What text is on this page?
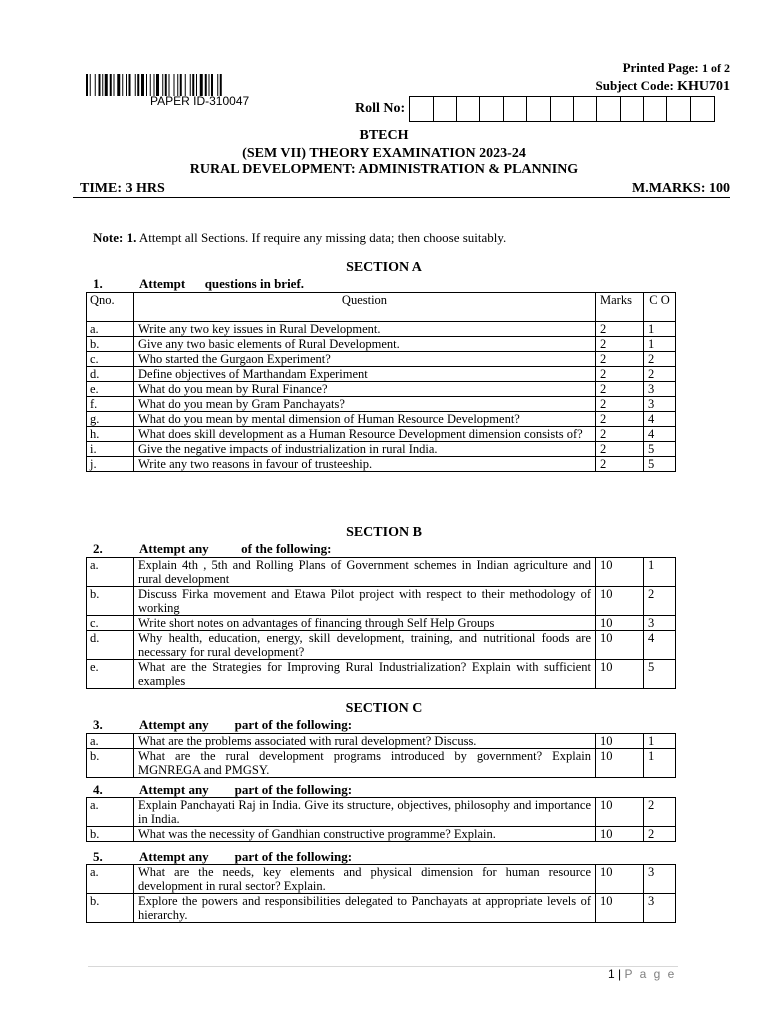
PAPER ID-310047
Printed Page: 1 of 2
Subject Code: KHU701
Roll No:
BTECH
(SEM VII) THEORY EXAMINATION 2023-24
RURAL DEVELOPMENT: ADMINISTRATION & PLANNING
TIME: 3 HRS	M.MARKS: 100
Note: 1. Attempt all Sections. If require any missing data; then choose suitably.
SECTION A
1.	Attempt      questions in brief.
Qno.	Question	Marks	C O
a.	Write any two key issues in Rural Development.	2	1
b.	Give any two basic elements of Rural Development.	2	1
c.	Who started the Gurgaon Experiment?	2	2
d.	Define objectives of Marthandam Experiment	2	2
e.	What do you mean by Rural Finance?	2	3
f.	What do you mean by Gram Panchayats?	2	3
g.	What do you mean by mental dimension of Human Resource Development?	2	4
h.	What does skill development as a Human Resource Development dimension consists of?	2	4
i.	Give the negative impacts of industrialization in rural India.	2	5
j.	Write any two reasons in favour of trusteeship.	2	5
SECTION B
2.	Attempt any          of the following:
a.	Explain 4th , 5th and Rolling Plans of Government schemes in Indian agriculture and rural development	10	1
b.	Discuss Firka movement and Etawa Pilot project with respect to their methodology of working	10	2
c.	Write short notes on advantages of financing through Self Help Groups	10	3
d.	Why health, education, energy, skill development, training, and nutritional foods are necessary for rural development?	10	4
e.	What are the Strategies for Improving Rural Industrialization? Explain with sufficient examples	10	5
SECTION C
3.	Attempt any        part of the following:
a.	What are the problems associated with rural development? Discuss.	10	1
b.	What are the rural development programs introduced by government? Explain MGNREGA and PMGSY.	10	1
4.	Attempt any        part of the following:
a.	Explain Panchayati Raj in India. Give its structure, objectives, philosophy and importance in India.	10	2
b.	What was the necessity of Gandhian constructive programme? Explain.	10	2
5.	Attempt any        part of the following:
a.	What are the needs, key elements and physical dimension for human resource development in rural sector? Explain.	10	3
b.	Explore the powers and responsibilities delegated to Panchayats at appropriate levels of hierarchy.	10	3
1 | P a g e
